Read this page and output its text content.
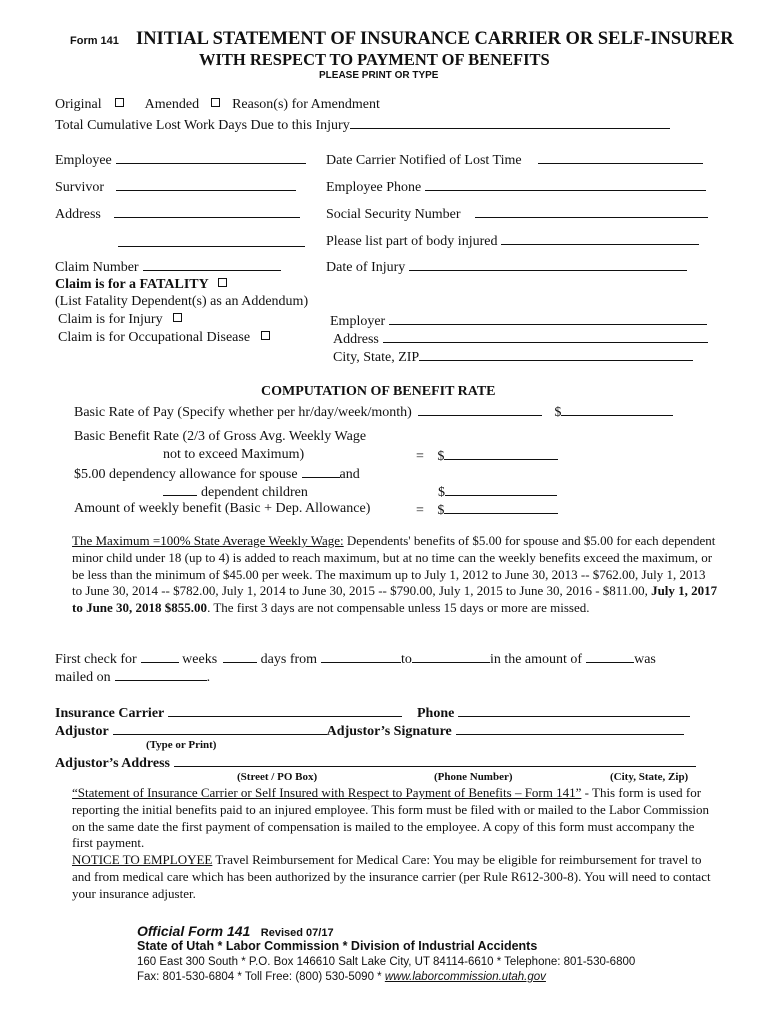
Form 141 INITIAL STATEMENT OF INSURANCE CARRIER OR SELF-INSURER
WITH RESPECT TO PAYMENT OF BENEFITS
PLEASE PRINT OR TYPE
Original	Amended Reason(s) for Amendment
Total Cumulative Lost Work Days Due to this Injury
Employee
Survivor
Address
Claim Number
Claim is for a FATALITY
(List Fatality Dependent(s) as an Addendum)
Claim is for Injury
Claim is for Occupational Disease
Date Carrier Notified of Lost Time
Employee Phone
Social Security Number
Please list part of body injured
Date of Injury
Employer
Address
City, State, ZIP
COMPUTATION OF BENEFIT RATE
Basic Rate of Pay (Specify whether per hr/day/week/month)	$
Basic Benefit Rate (2/3 of Gross Avg. Weekly Wage
not to exceed Maximum)	= $
$5.00 dependency allowance for spouse	and
dependent children	$
Amount of weekly benefit (Basic + Dep. Allowance)	= $
The Maximum =100% State Average Weekly Wage: Dependents' benefits of $5.00 for spouse and $5.00 for each dependent minor child under 18 (up to 4) is added to reach maximum, but at no time can the weekly benefits exceed the maximum, or be less than the minimum of $45.00 per week. The maximum up to July 1, 2012 to June 30, 2013 -- $762.00, July 1, 2013 to June 30, 2014 -- $782.00, July 1, 2014 to June 30, 2015 -- $790.00, July 1, 2015 to June 30, 2016 - $811.00, July 1, 2017 to June 30, 2018 $855.00. The first 3 days are not compensable unless 15 days or more are missed.
First check for	weeks	days from	to	in the amount of	was
mailed on	.
Insurance Carrier	Phone
Adjustor	Adjustor’s Signature
(Type or Print)
Adjustor’s Address
(Street / PO Box)	(Phone Number)	(City, State, Zip)
“Statement of Insurance Carrier or Self Insured with Respect to Payment of Benefits – Form 141” - This form is used for reporting the initial benefits paid to an injured employee. This form must be filed with or mailed to the Labor Commission on the same date the first payment of compensation is mailed to the employee. A copy of this form must accompany the first payment.
NOTICE TO EMPLOYEE Travel Reimbursement for Medical Care: You may be eligible for reimbursement for travel to and from medical care which has been authorized by the insurance carrier (per Rule R612-300-8). You will need to contact your insurance adjuster.
Official Form 141 Revised 07/17
State of Utah * Labor Commission * Division of Industrial Accidents
160 East 300 South * P.O. Box 146610 Salt Lake City, UT 84114-6610 * Telephone: 801-530-6800
Fax: 801-530-6804 * Toll Free: (800) 530-5090 * www.laborcommission.utah.gov
